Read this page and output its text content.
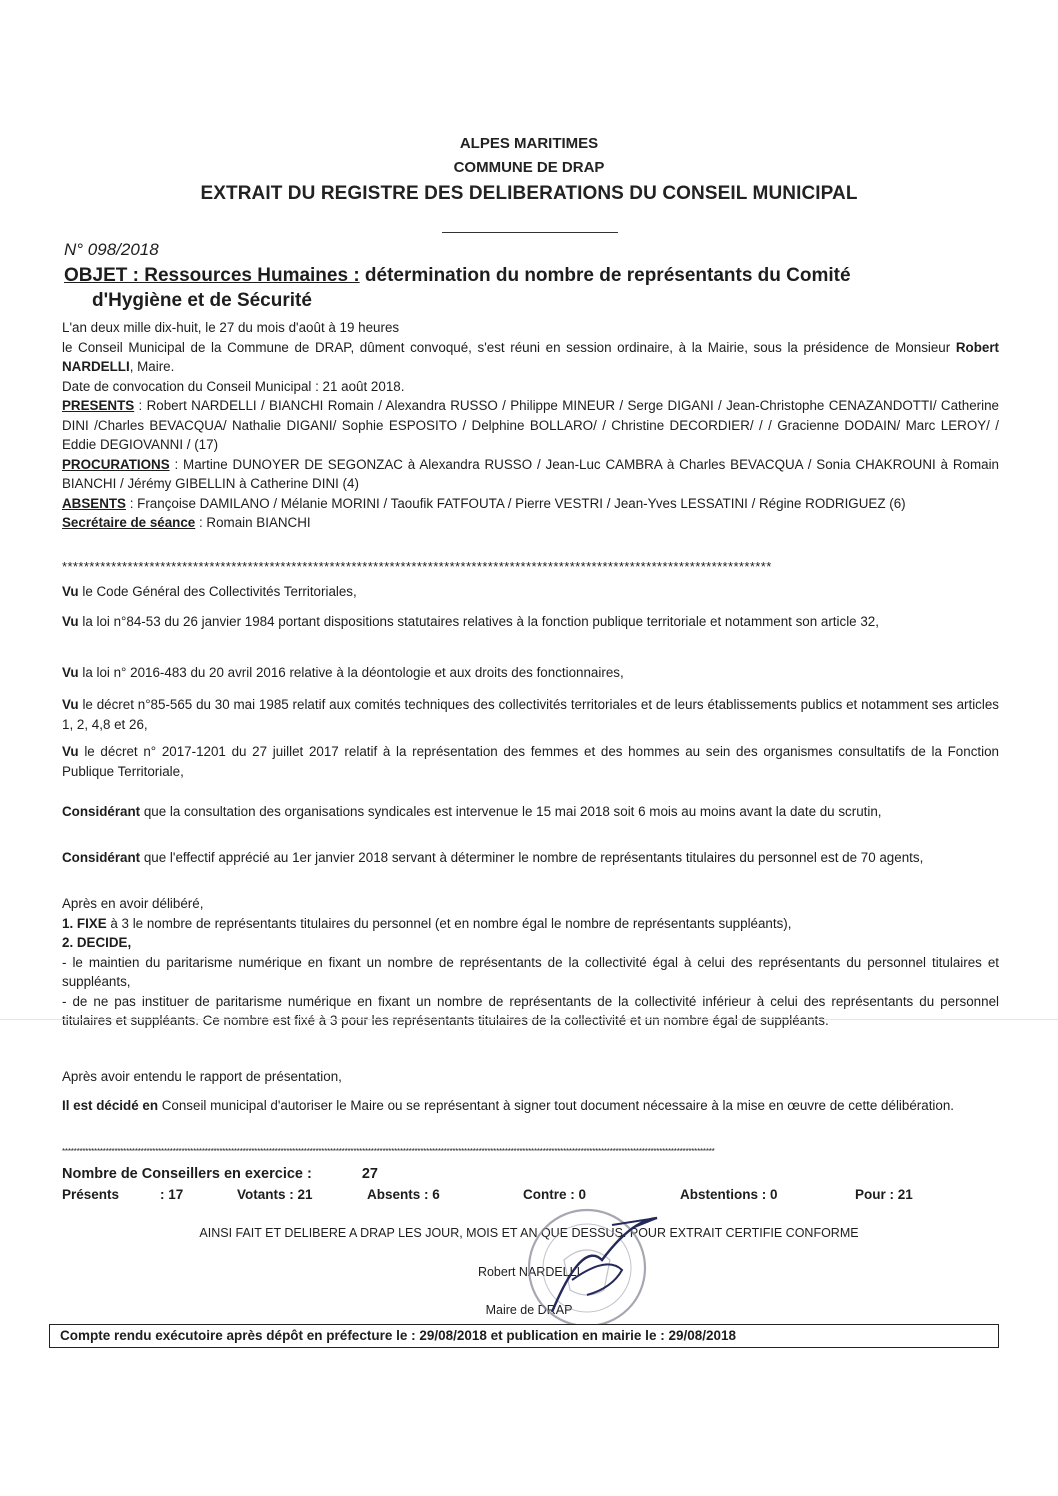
ALPES MARITIMES
COMMUNE DE DRAP
EXTRAIT DU REGISTRE DES DELIBERATIONS DU CONSEIL MUNICIPAL
N° 098/2018
OBJET : Ressources Humaines : détermination du nombre de représentants du Comité
d'Hygiène et de Sécurité
L'an deux mille dix-huit, le 27 du mois d'août à 19 heures
le Conseil Municipal de la Commune de DRAP, dûment convoqué, s'est réuni en session ordinaire, à la Mairie, sous la présidence de Monsieur Robert NARDELLI, Maire.
Date de convocation du Conseil Municipal : 21 août 2018.
PRESENTS : Robert NARDELLI / BIANCHI Romain / Alexandra RUSSO / Philippe MINEUR / Serge DIGANI / Jean-Christophe CENAZANDOTTI/ Catherine DINI /Charles BEVACQUA/ Nathalie DIGANI/ Sophie ESPOSITO / Delphine BOLLARO/ / Christine DECORDIER/ / / Gracienne DODAIN/ Marc LEROY/ / Eddie DEGIOVANNI / (17)
PROCURATIONS : Martine DUNOYER DE SEGONZAC à Alexandra RUSSO / Jean-Luc CAMBRA à Charles BEVACQUA / Sonia CHAKROUNI à Romain BIANCHI / Jérémy GIBELLIN à Catherine DINI (4)
ABSENTS : Françoise DAMILANO / Mélanie MORINI / Taoufik FATFOUTA / Pierre VESTRI / Jean-Yves LESSATINI / Régine RODRIGUEZ (6)
Secrétaire de séance : Romain BIANCHI
**********************************************************************************************************************************
Vu le Code Général des Collectivités Territoriales,
Vu la loi n°84-53 du 26 janvier 1984 portant dispositions statutaires relatives à la fonction publique territoriale et notamment son article 32,
Vu la loi n° 2016-483 du 20 avril 2016 relative à la déontologie et aux droits des fonctionnaires,
Vu le décret n°85-565 du 30 mai 1985 relatif aux comités techniques des collectivités territoriales et de leurs établissements publics et notamment ses articles 1, 2, 4,8 et 26,
Vu le décret n° 2017-1201 du 27 juillet 2017 relatif à la représentation des femmes et des hommes au sein des organismes consultatifs de la Fonction Publique Territoriale,
Considérant que la consultation des organisations syndicales est intervenue le 15 mai 2018 soit 6 mois au moins avant la date du scrutin,
Considérant que l'effectif apprécié au 1er janvier 2018 servant à déterminer le nombre de représentants titulaires du personnel est de 70 agents,
Après en avoir délibéré,
1. FIXE à 3 le nombre de représentants titulaires du personnel (et en nombre égal le nombre de représentants suppléants),
2. DECIDE,
- le maintien du paritarisme numérique en fixant un nombre de représentants de la collectivité égal à celui des représentants du personnel titulaires et suppléants,
- de ne pas instituer de paritarisme numérique en fixant un nombre de représentants de la collectivité inférieur à celui des représentants du personnel titulaires et suppléants. Ce nombre est fixé à 3 pour les représentants titulaires de la collectivité et un nombre égal de suppléants.
Après avoir entendu le rapport de présentation,
Il est décidé en Conseil municipal d'autoriser le Maire ou se représentant à signer tout document nécessaire à la mise en œuvre de cette délibération.
********************************************************************************************************************************************************************************************************************************
Nombre de Conseillers en exercice :	27
Présents	: 17	Votants : 21	Absents : 6	Contre : 0	Abstentions : 0	Pour : 21
AINSI FAIT ET DELIBERE A DRAP LES JOUR, MOIS ET AN QUE DESSUS. POUR EXTRAIT CERTIFIE CONFORME
Robert NARDELLI
Maire de DRAP
Compte rendu exécutoire après dépôt en préfecture le : 29/08/2018 et publication en mairie le : 29/08/2018
